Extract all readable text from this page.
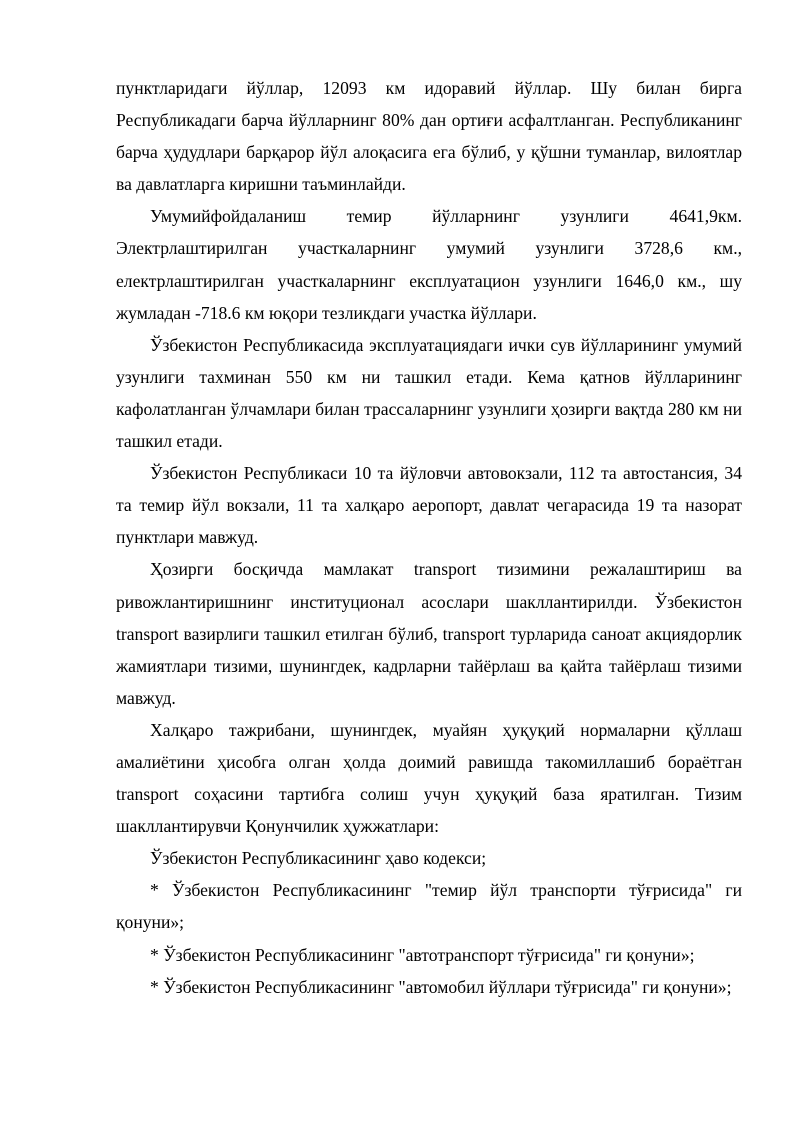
пунктларидаги йўллар, 12093 км идоравий йўллар. Шу билан бирга Республикадаги барча йўлларнинг 80% дан ортиғи асфалтланган. Республиканинг барча ҳудудлари барқарор йўл алоқасига ега бўлиб, у қўшни туманлар, вилоятлар ва давлатларга киришни таъминлайди.

Умумийфойдаланиш темир йўлларнинг узунлиги 4641,9км. Электрлаштирилган участкаларнинг умумий узунлиги 3728,6 км., електрлаштирилган участкаларнинг експлуатацион узунлиги 1646,0 км., шу жумладан -718.6 км юқори тезликдаги участка йўллари.

Ўзбекистон Республикасида эксплуатациядаги ички сув йўлларининг умумий узунлиги тахминан 550 км ни ташкил етади. Кема қатнов йўлларининг кафолатланган ўлчамлари билан трассаларнинг узунлиги ҳозирги вақтда 280 км ни ташкил етади.

Ўзбекистон Республикаси 10 та йўловчи автовокзали, 112 та автостансия, 34 та темир йўл вокзали, 11 та халқаро аеропорт, давлат чегарасида 19 та назорат пунктлари мавжуд.

Ҳозирги босқичда мамлакат transport тизимини режалаштириш ва ривожлантиришнинг институционал асослари шакллантирилди. Ўзбекистон transport вазирлиги ташкил етилган бўлиб, transport турларида саноат акциядорлик жамиятлари тизими, шунингдек, кадрларни тайёрлаш ва қайта тайёрлаш тизими мавжуд.

Халқаро тажрибани, шунингдек, муайян ҳуқуқий нормаларни қўллаш амалиётини ҳисобга олган ҳолда доимий равишда такомиллашиб бораётган transport соҳасини тартибга солиш учун ҳуқуқий база яратилган. Тизим шакллантирувчи Қонунчилик ҳужжатлари:

Ўзбекистон Республикасининг ҳаво кодекси;

* Ўзбекистон Республикасининг "темир йўл транспорти тўғрисида" ги қонуни»;

* Ўзбекистон Республикасининг "автотранспорт тўғрисида" ги қонуни»;

* Ўзбекистон Республикасининг "автомобил йўллари тўғрисида" ги қонуни»;
